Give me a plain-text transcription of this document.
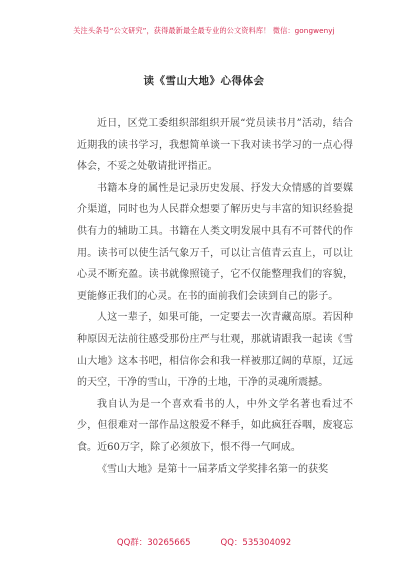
关注头条号“公文研究”，获得最新最全最专业的公文资料库！ 微信：gongwenyj
读《雪山大地》心得体会

近日，区党工委组织部组织开展“党员读书月”活动，结合近期我的读书学习，我想简单谈一下我对读书学习的一点心得体会，不妥之处敬请批评指正。

书籍本身的属性是记录历史发展、抒发大众情感的首要媒介渠道，同时也为人民群众想要了解历史与丰富的知识经验提供有力的辅助工具。书籍在人类文明发展中具有不可替代的作用。读书可以使生活气象万千，可以让言值青云直上，可以让心灵不断充盈。读书就像照镜子，它不仅能整理我们的容貌，更能修正我们的心灵。在书的面前我们会读到自己的影子。

人这一辈子，如果可能，一定要去一次青藏高原。若因种种原因无法前往感受那份庄严与壮观，那就请跟我一起读《雪山大地》这本书吧，相信你会和我一样被那辽阔的草原，辽远的天空，干净的雪山，干净的土地，干净的灵魂所震撼。

我自认为是一个喜欢看书的人，中外文学名著也看过不少，但很难对一部作品这般爱不释手，如此疯狂吞咽，废寝忘食。近60万字，除了必须放下，恨不得一气呵成。

《雪山大地》是第十一届茅盾文学奖排名第一的获奖

QQ群：30265665	QQ：535304092
